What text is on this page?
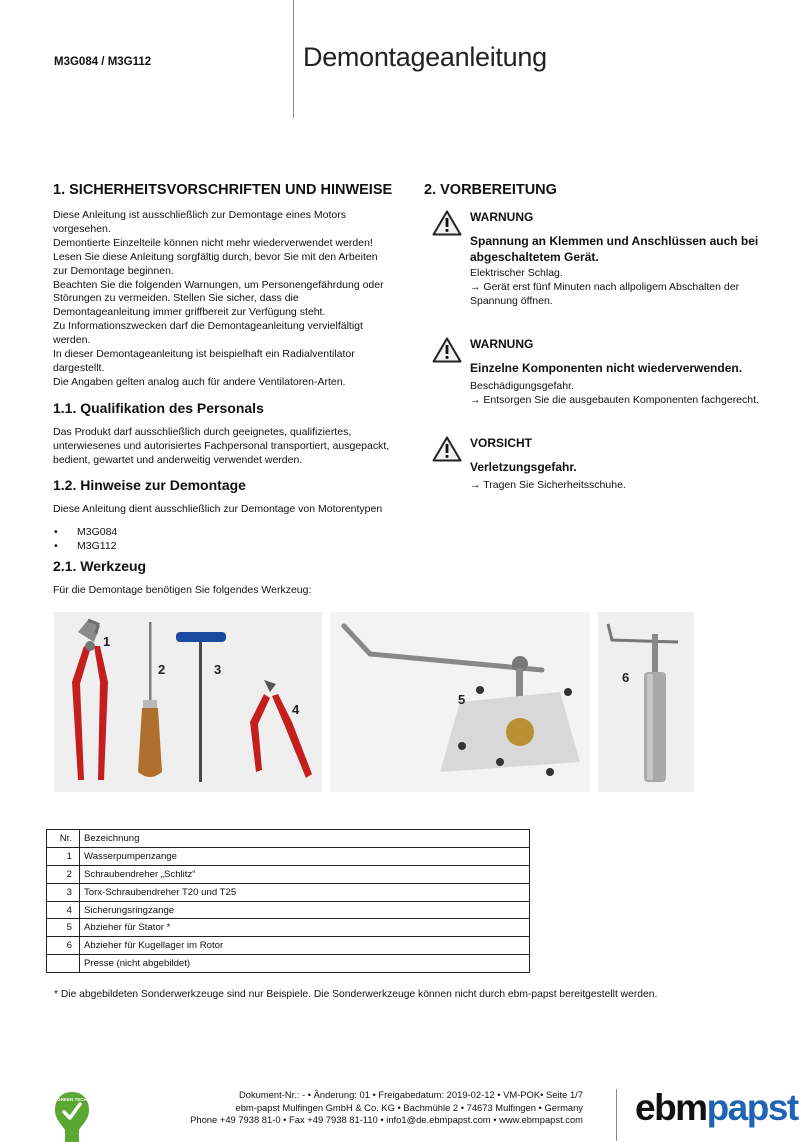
M3G084 / M3G112	Demontageanleitung
1. SICHERHEITSVORSCHRIFTEN UND HINWEISE

Diese Anleitung ist ausschließlich zur Demontage eines Motors vorgesehen.

Demontierte Einzelteile können nicht mehr wiederverwendet werden!

Lesen Sie diese Anleitung sorgfältig durch, bevor Sie mit den Arbeiten zur Demontage beginnen.

Beachten Sie die folgenden Warnungen, um Personengefährdung oder Störungen zu vermeiden. Stellen Sie sicher, dass die Demontageanleitung immer griffbereit zur Verfügung steht.

Zu Informationszwecken darf die Demontageanleitung vervielfältigt werden.

In dieser Demontageanleitung ist beispielhaft ein Radialventilator dargestellt.

Die Angaben gelten analog auch für andere Ventilatoren-Arten.

1.1. Qualifikation des Personals
Das Produkt darf ausschließlich durch geeignetes, qualifiziertes, unterwiesenes und autorisiertes Fachpersonal transportiert, ausgepackt, bedient, gewartet und anderweitig verwendet werden.
1.2. Hinweise zur Demontage
Diese Anleitung dient ausschließlich zur Demontage von Motorentypen
•	M3G084
•	M3G112
2.1. Werkzeug
Für die Demontage benötigen Sie folgendes Werkzeug:
2. VORBEREITUNG
WARNUNG
Spannung an Klemmen und Anschlüssen auch bei abgeschaltetem Gerät.
Elektrischer Schlag.
→ Gerät erst fünf Minuten nach allpoligem Abschalten der Spannung öffnen.
WARNUNG
Einzelne Komponenten nicht wiederverwenden.
Beschädigungsgefahr.
→ Entsorgen Sie die ausgebauten Komponenten fachgerecht.
VORSICHT
Verletzungsgefahr.
→ Tragen Sie Sicherheitsschuhe.
1
2	3
4
5
6
Nr.	Bezeichnung
1	Wasserpumpenzange
2	Schraubendreher „Schlitz“
3	Torx-Schraubendreher T20 und T25
4	Sicherungsringzange
5	Abzieher für Stator *
6	Abzieher für Kugellager im Rotor
	Presse (nicht abgebildet)
* Die abgebildeten Sonderwerkzeuge sind nur Beispiele. Die Sonderwerkzeuge können nicht durch ebm-papst bereitgestellt werden.
GREEN TECH	Dokument-Nr.: - • Änderung: 01 • Freigabedatum: 2019-02-12 • VM-POK• Seite 1/7
ebm-papst Mulfingen GmbH & Co. KG • Bachmühle 2 • 74673 Mulfingen • Germany
Phone +49 7938 81-0 • Fax +49 7938 81-110 • info1@de.ebmpapst.com • www.ebmpapst.com ebmpapst
